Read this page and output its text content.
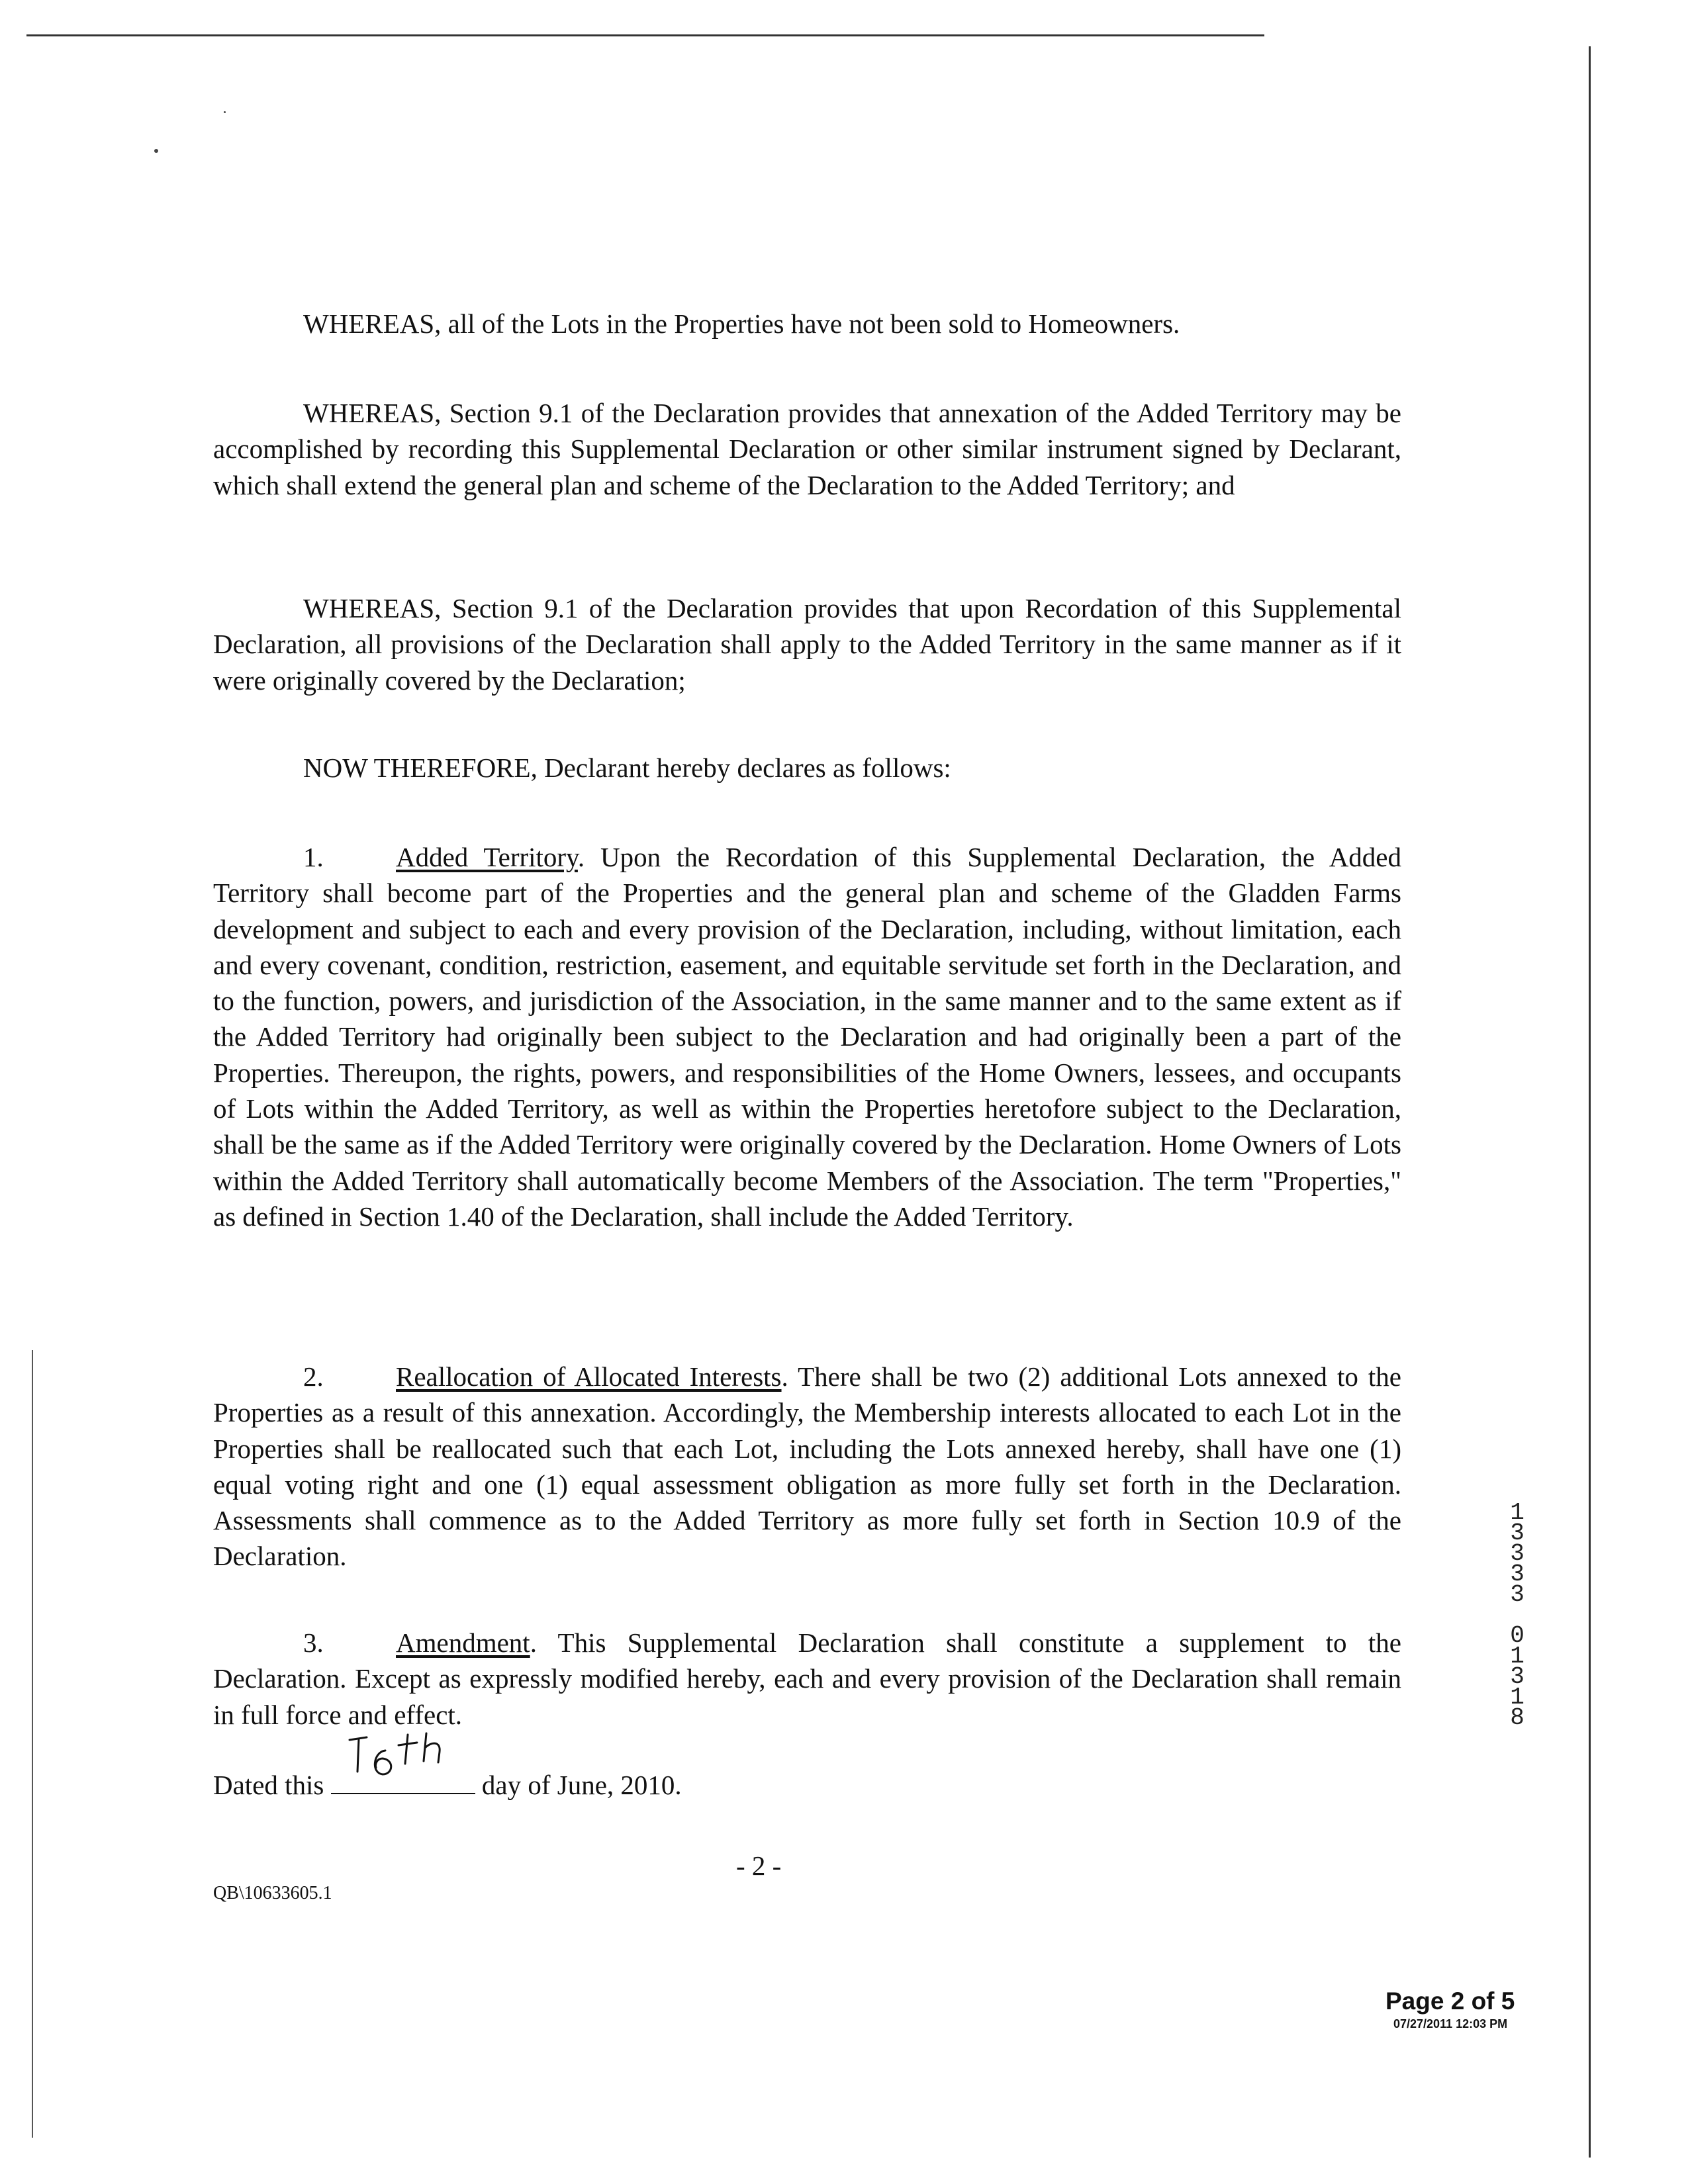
WHEREAS, all of the Lots in the Properties have not been sold to Homeowners.

WHEREAS, Section 9.1 of the Declaration provides that annexation of the Added Territory may be accomplished by recording this Supplemental Declaration or other similar instrument signed by Declarant, which shall extend the general plan and scheme of the Declaration to the Added Territory; and

WHEREAS, Section 9.1 of the Declaration provides that upon Recordation of this Supplemental Declaration, all provisions of the Declaration shall apply to the Added Territory in the same manner as if it were originally covered by the Declaration;

NOW THEREFORE, Declarant hereby declares as follows:

1.	Added Territory. Upon the Recordation of this Supplemental Declaration, the Added Territory shall become part of the Properties and the general plan and scheme of the Gladden Farms development and subject to each and every provision of the Declaration, including, without limitation, each and every covenant, condition, restriction, easement, and equitable servitude set forth in the Declaration, and to the function, powers, and jurisdiction of the Association, in the same manner and to the same extent as if the Added Territory had originally been subject to the Declaration and had originally been a part of the Properties. Thereupon, the rights, powers, and responsibilities of the Home Owners, lessees, and occupants of Lots within the Added Territory, as well as within the Properties heretofore subject to the Declaration, shall be the same as if the Added Territory were originally covered by the Declaration. Home Owners of Lots within the Added Territory shall automatically become Members of the Association. The term "Properties," as defined in Section 1.40 of the Declaration, shall include the Added Territory.

2.	Reallocation of Allocated Interests. There shall be two (2) additional Lots annexed to the Properties as a result of this annexation. Accordingly, the Membership interests allocated to each Lot in the Properties shall be reallocated such that each Lot, including the Lots annexed hereby, shall have one (1) equal voting right and one (1) equal assessment obligation as more fully set forth in the Declaration. Assessments shall commence as to the Added Territory as more fully set forth in Section 10.9 of the Declaration.

3.	Amendment. This Supplemental Declaration shall constitute a supplement to the Declaration. Except as expressly modified hereby, each and every provision of the Declaration shall remain in full force and effect.

Dated this	day of June, 2010.
- 2 -
QB\10633605.1
1
3
3
3
3

0
1
3
1
8
Page 2 of 5
07/27/2011 12:03 PM
